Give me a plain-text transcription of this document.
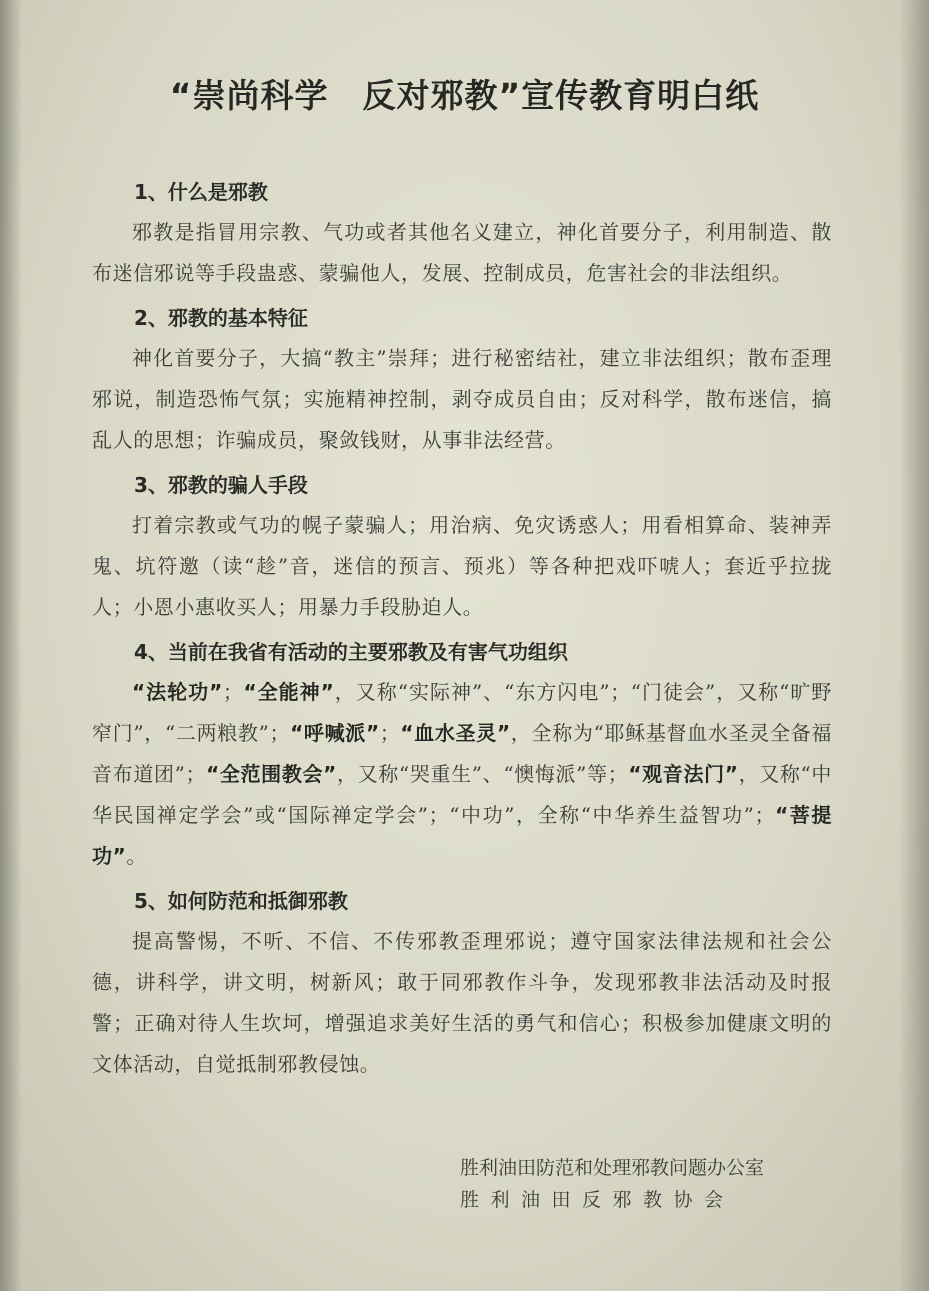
“崇尚科学　反对邪教”宣传教育明白纸
1、什么是邪教

邪教是指冒用宗教、气功或者其他名义建立，神化首要分子，利用制造、散布迷信邪说等手段蛊惑、蒙骗他人，发展、控制成员，危害社会的非法组织。

2、邪教的基本特征

神化首要分子，大搞“教主”崇拜；进行秘密结社，建立非法组织；散布歪理邪说，制造恐怖气氛；实施精神控制，剥夺成员自由；反对科学，散布迷信，搞乱人的思想；诈骗成员，聚敛钱财，从事非法经营。

3、邪教的骗人手段

打着宗教或气功的幌子蒙骗人；用治病、免灾诱惑人；用看相算命、装神弄鬼、坑符邀（读“趁”音，迷信的预言、预兆）等各种把戏吓唬人；套近乎拉拢人；小恩小惠收买人；用暴力手段胁迫人。

4、当前在我省有活动的主要邪教及有害气功组织

“法轮功”；“全能神”，又称“实际神”、“东方闪电”；“门徒会”，又称“旷野窄门”，“二两粮教”；“呼喊派”；“血水圣灵”，全称为“耶稣基督血水圣灵全备福音布道团”；“全范围教会”，又称“哭重生”、“懊悔派”等；“观音法门”，又称“中华民国禅定学会”或“国际禅定学会”；“中功”，全称“中华养生益智功”；“菩提功”。

5、如何防范和抵御邪教

提高警惕，不听、不信、不传邪教歪理邪说；遵守国家法律法规和社会公德，讲科学，讲文明，树新风；敢于同邪教作斗争，发现邪教非法活动及时报警；正确对待人生坎坷，增强追求美好生活的勇气和信心；积极参加健康文明的文体活动，自觉抵制邪教侵蚀。

胜利油田防范和处理邪教问题办公室
胜利油田反邪教协会
